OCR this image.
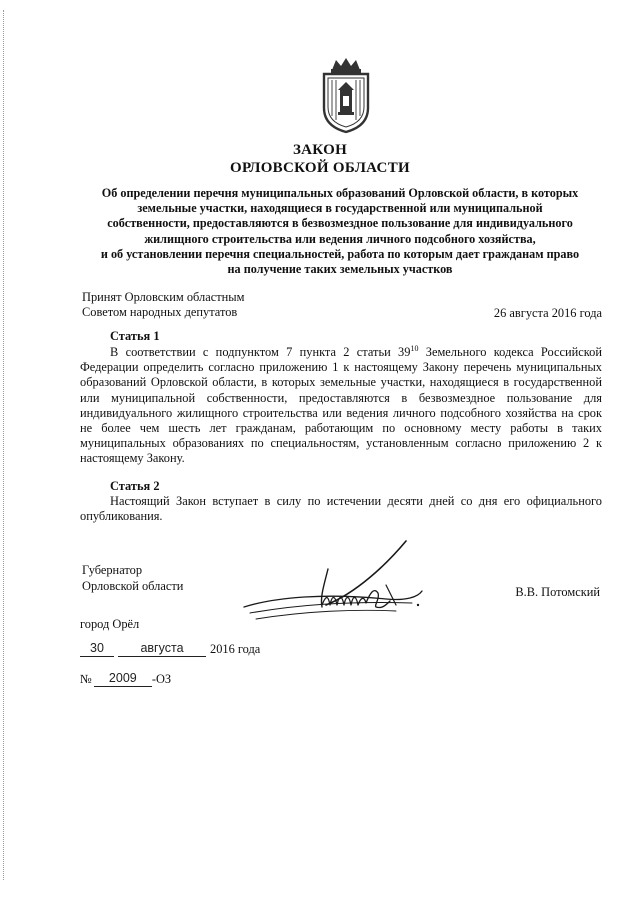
ЗАКОН
ОРЛОВСКОЙ ОБЛАСТИ
Об определении перечня муниципальных образований Орловской области, в которых
земельные участки, находящиеся в государственной или муниципальной
собственности, предоставляются в безвозмездное пользование для индивидуального
жилищного строительства или ведения личного подсобного хозяйства,
и об установлении перечня специальностей, работа по которым дает гражданам право
на получение таких земельных участков
Принят Орловским областным
Советом народных депутатов	26 августа 2016 года
Статья 1
В соответствии с подпунктом 7 пункта 2 статьи $39^{10}$ Земельного кодекса Российской Федерации определить согласно приложению 1 к настоящему Закону перечень муниципальных образований Орловской области, в которых земельные участки, находящиеся в государственной или муниципальной собственности, предоставляются в безвозмездное пользование для индивидуального жилищного строительства или ведения личного подсобного хозяйства на срок не более чем шесть лет гражданам, работающим по основному месту работы в таких муниципальных образованиях по специальностям, установленным согласно приложению 2 к настоящему Закону.
Статья 2
Настоящий Закон вступает в силу по истечении десяти дней со дня его официального опубликования.
Губернатор
Орловской области	В.В. Потомский
город Орёл
30	августа	2016 года
№	2009	-ОЗ
